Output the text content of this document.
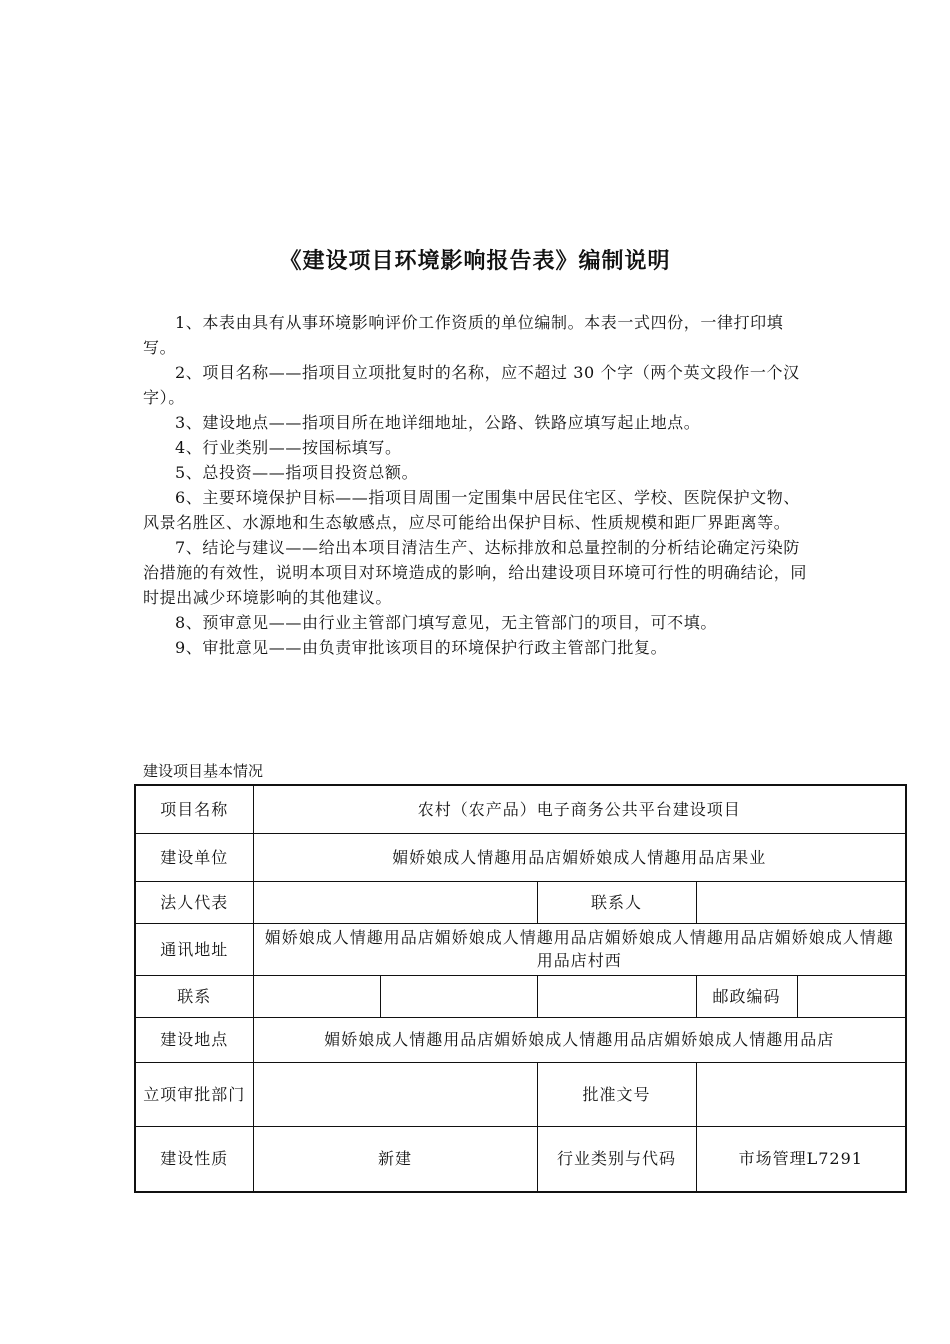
《建设项目环境影响报告表》编制说明

1、本表由具有从事环境影响评价工作资质的单位编制。本表一式四份，一律打印填写。

2、项目名称——指项目立项批复时的名称，应不超过 30 个字（两个英文段作一个汉字）。

3、建设地点——指项目所在地详细地址，公路、铁路应填写起止地点。

4、行业类别——按国标填写。

5、总投资——指项目投资总额。

6、主要环境保护目标——指项目周围一定围集中居民住宅区、学校、医院保护文物、风景名胜区、水源地和生态敏感点，应尽可能给出保护目标、性质规模和距厂界距离等。

7、结论与建议——给出本项目清洁生产、达标排放和总量控制的分析结论确定污染防治措施的有效性，说明本项目对环境造成的影响，给出建设项目环境可行性的明确结论，同时提出减少环境影响的其他建议。

8、预审意见——由行业主管部门填写意见，无主管部门的项目，可不填。

9、审批意见——由负责审批该项目的环境保护行政主管部门批复。

建设项目基本情况
项目名称	农村（农产品）电子商务公共平台建设项目				
建设单位	媚娇娘成人情趣用品店媚娇娘成人情趣用品店果业				
法人代表			联系人		
通讯地址	媚娇娘成人情趣用品店媚娇娘成人情趣用品店媚娇娘成人情趣用品店媚娇娘成人情趣用品店村西				
联系				邮政编码	
建设地点	媚娇娘成人情趣用品店媚娇娘成人情趣用品店媚娇娘成人情趣用品店				
立项审批部门			批准文号		
建设性质	新建		行业类别与代码	市场管理L7291	
